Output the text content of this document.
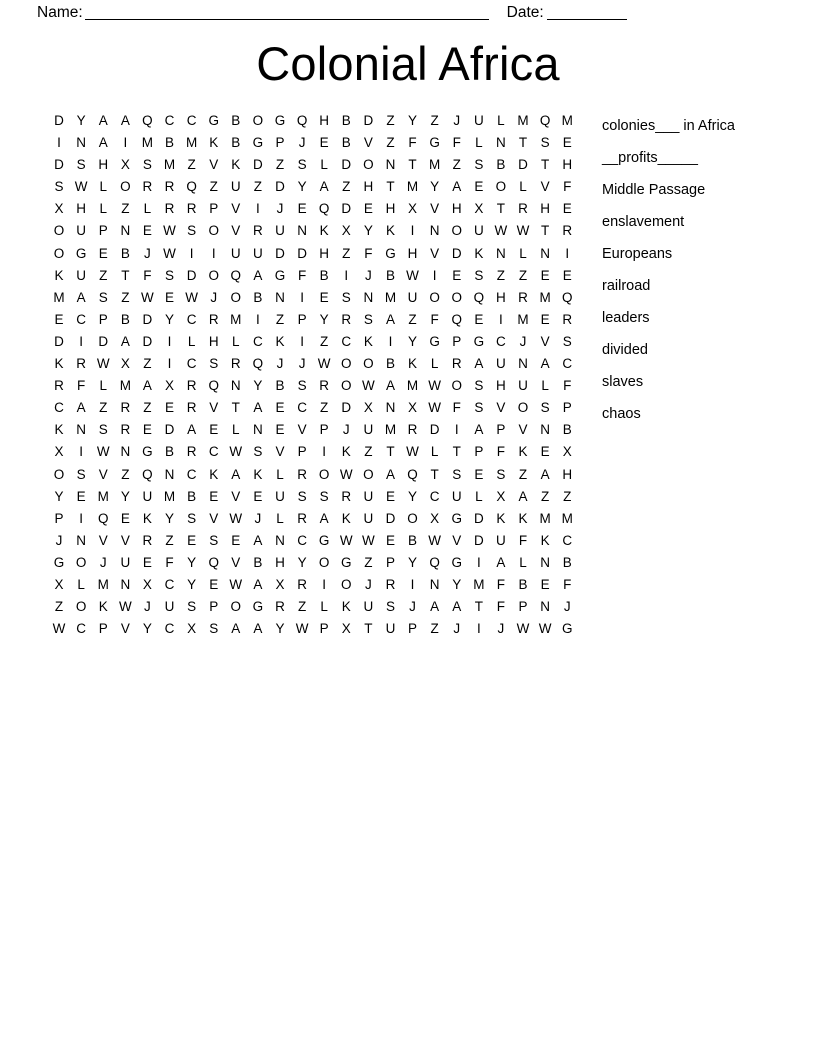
Name:	Date:
Colonial Africa
D Y A A Q C C G B O G Q H B D Z Y Z	J	U L M Q M
I	N A	I	M B M K B G P	J	E B V Z	F G F	L N T S E
D S H X S M Z V K D Z S	L D O N T M Z S B D T H
S W L O R R Q Z U Z D Y A Z H T M Y A E O L	V F
X H L	Z	L R R P V	I	J	E Q D E H X V H X T R H E
O U P N E W S O V R U N K X Y K	I	N O U W W T R
O G E B	J W	I	I	U U D D H Z	F G H V D K N L N	I
K U Z	T	F S D O Q A G F B	I	J	B W	I	E S Z	Z E E
M A S Z W E W J O B N	I	E S N M U O O Q H R M Q
E C P B D Y C R M	I	Z P Y R S A Z	F Q E	I	M E R
D	I	D A D	I	L H L C K	I	Z C K	I	Y G P G C	J	V S
K R W X Z	I	C S R Q J	J W O O B K	L R A U N A C
R F	L M A X R Q N Y B S R O W A M W O S H U L	F
C A Z R Z E R V T A E C Z D X N X W F S V O S P
K N S R E D A E	L N E V P	J	U M R D	I	A P V N B
X	I	W N G B R C W S V P	I	K Z	T W L	T P F K E X
O S V Z Q N C K A K	L R O W O A Q T S E S Z A H
Y E M Y U M B E V E U S S R U E Y C U L	X A Z	Z
P	I	Q E K Y S V W J	L R A K U D O X G D K K M M
J	N V V R Z E S E A N C G W W E B W V D U F K C
G O J	U E F Y Q V B H Y O G Z P Y Q G	I	A	L N B
X	L M N X C Y E W A X R	I	O J	R	I	N Y M F B E F
Z O K W J	U S P O G R Z	L	K U S	J	A A T	F P N	J
W C P V Y C X S A A Y W P X T U P Z	J	I	J W W G
colonies___ in Africa
__profits_____
Middle Passage
enslavement
Europeans
railroad
leaders
divided
slaves
chaos
